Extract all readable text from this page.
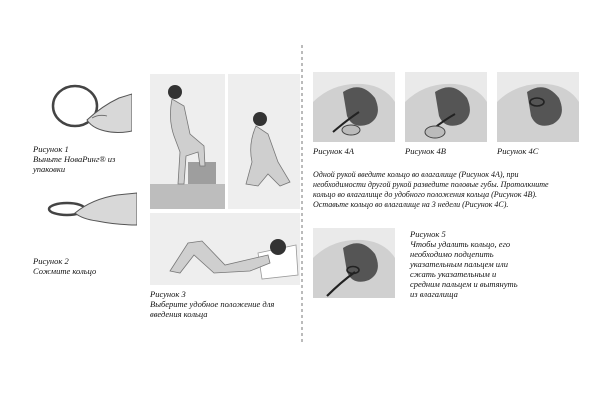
Рисунок 1
Выньте НоваРинг® из
упаковки
Рисунок 2
Сожмите кольцо
Рисунок 3
Выберите удобное положение для
введения кольца
Рисунок 4А	Рисунок 4В	Рисунок 4С
Одной рукой введите кольцо во влагалище (Рисунок 4А), при
необходимости другой рукой разведите половые губы. Протолкните
кольцо во влагалище до удобного положения кольца (Рисунок 4В).
Оставьте кольцо во влагалище на 3 недели (Рисунок 4С).
Рисунок 5
Чтобы удалить кольцо, его
необходимо подцепить
указательным пальцем или
сжать указательным и
средним пальцем и вытянуть
из влагалища
